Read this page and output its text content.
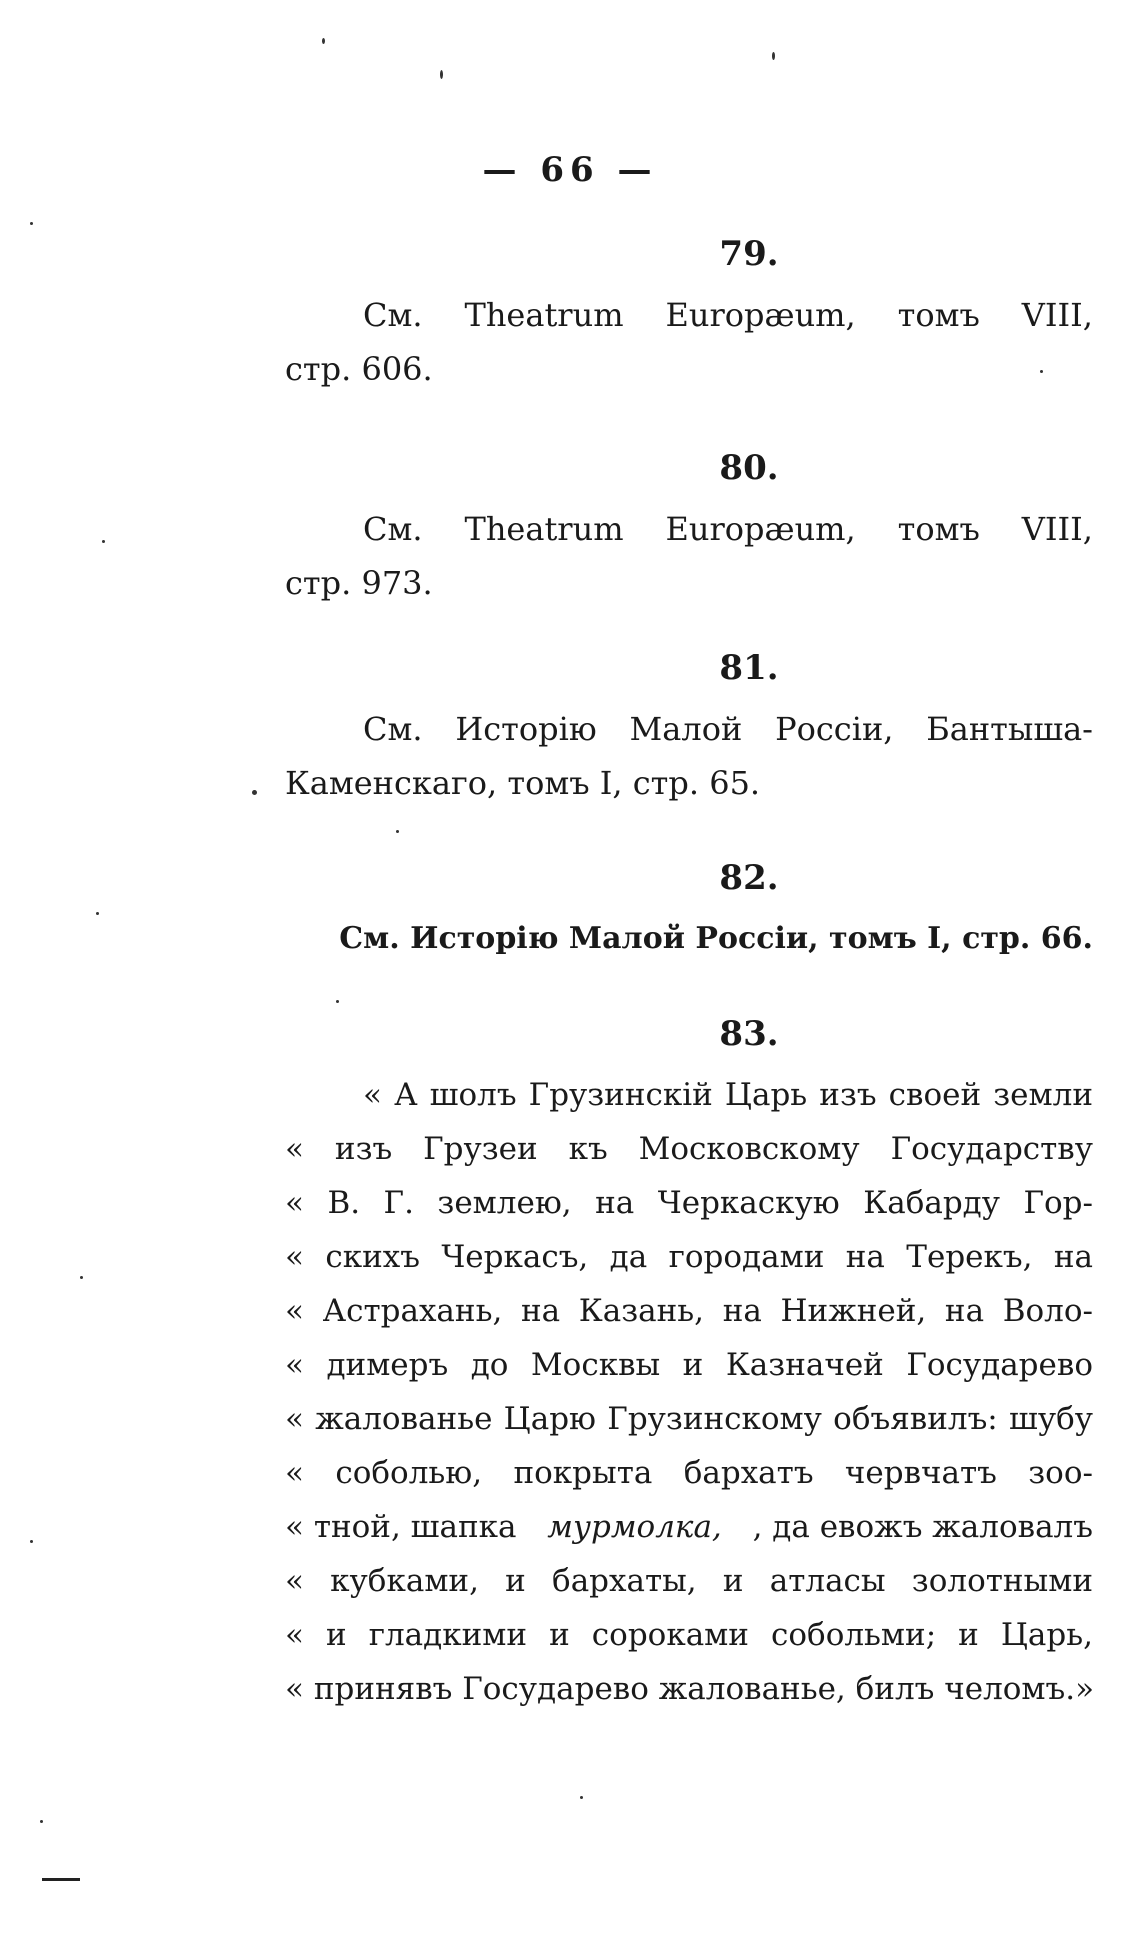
— 66 —
79.
См. Theatrum Europæum, томъ VIII,
стр. 606.
80.
См. Theatrum Europæum, томъ VIII,
стр. 973.
81.
См. Исторію Малой Россіи, Бантыша-
Каменскаго, томъ I, стр. 65.
82.
См. Исторію Малой Россіи, томъ I, стр. 66.
83.
« А шолъ Грузинскій Царь изъ своей земли
« изъ Грузеи къ Московскому Государству
« В. Г. землею, на Черкаскую Кабарду Гор-
« скихъ Черкасъ, да городами на Терекъ, на
« Астрахань, на Казань, на Нижней, на Воло-
« димеръ до Москвы и Казначей Государево
« жалованье Царю Грузинскому объявилъ: шубу
« соболью, покрыта бархатъ червчатъ зоо-
« тной, шапка мурмолка, , да евожъ жаловалъ
« кубками, и бархаты, и атласы золотными
« и гладкими и сороками собольми; и Царь,
« принявъ Государево жалованье, билъ челомъ.»
